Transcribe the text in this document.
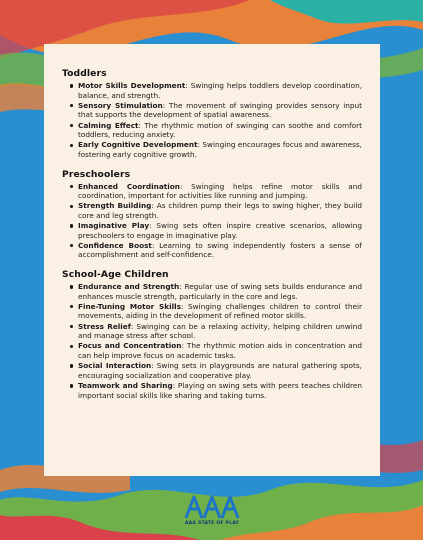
Toddlers
Motor Skills Development: Swinging helps toddlers develop coordination, balance, and strength.
Sensory Stimulation: The movement of swinging provides sensory input that supports the development of spatial awareness.
Calming Effect: The rhythmic motion of swinging can soothe and comfort toddlers, reducing anxiety.
Early Cognitive Development: Swinging encourages focus and awareness, fostering early cognitive growth.
Preschoolers
Enhanced Coordination: Swinging helps refine motor skills and coordination, important for activities like running and jumping.
Strength Building: As children pump their legs to swing higher, they build core and leg strength.
Imaginative Play: Swing sets often inspire creative scenarios, allowing preschoolers to engage in imaginative play.
Confidence Boost: Learning to swing independently fosters a sense of accomplishment and self-confidence.
School-Age Children
Endurance and Strength: Regular use of swing sets builds endurance and enhances muscle strength, particularly in the core and legs.
Fine-Tuning Motor Skills: Swinging challenges children to control their movements, aiding in the development of refined motor skills.
Stress Relief: Swinging can be a relaxing activity, helping children unwind and manage stress after school.
Focus and Concentration: The rhythmic motion aids in concentration and can help improve focus on academic tasks.
Social Interaction: Swing sets in playgrounds are natural gathering spots, encouraging socialization and cooperative play.
Teamwork and Sharing: Playing on swing sets with peers teaches children important social skills like sharing and taking turns.
AAA STATE OF PLAY
